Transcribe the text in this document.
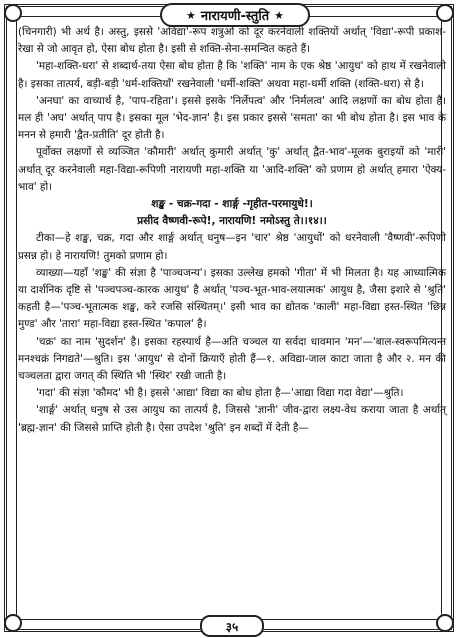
★ नारायणी-स्तुति ★

(चिनगारी) भी अर्थ है। अस्तु, इससे 'अविद्या'-रूप शत्रुओं को दूर करनेवाली शक्तियों अर्थात् 'विद्या'-रूपी प्रकाश-रेखा से जो आवृत हो, ऐसा बोध होता है। इसी से शक्ति-सेना-समन्वित कहते हैं।

'महा-शक्ति-धरा' से शब्दार्थ-तया ऐसा बोध होता है कि 'शक्ति' नाम के एक श्रेष्ठ 'आयुध' को हाथ में रखनेवाली है। इसका तात्पर्य, बड़ी-बड़ी 'धर्म-शक्तियाँ' रखनेवाली 'धर्मी-शक्ति' अथवा महा-धर्मी शक्ति (शक्ति-धरा) से है।

'अनघा' का वाच्यार्थ है, 'पाप-रहिता'। इससे इसके 'निर्लेपत्व' और 'निर्मलत्व' आदि लक्षणों का बोध होता है। मल ही 'अघ' अर्थात् पाप है। इसका मूल 'भेद-ज्ञान' है। इस प्रकार इससे 'समता' का भी बोध होता है। इस भाव के मनन से हमारी 'द्वैत-प्रतीति' दूर होती है।

पूर्वोक्त लक्षणों से व्यञ्जित 'कौमारी' अर्थात् कुमारी अर्थात् 'कु' अर्थात् द्वैत-भाव'-मूलक बुराइयों को 'मारी' अर्थात् दूर करनेवाली महा-विद्या-रूपिणी नारायणी महा-शक्ति या 'आदि-शक्ति' को प्रणाम हो अर्थात् हमारा 'ऐक्य-भाव' हो।

शङ्ख - चक्र-गदा - शार्ङ्ग -गृहीत-परमायुधे!।

प्रसीद वैष्णवी-रूपे!, नारायणि! नमोऽस्तु ते।।१४।।

टीका—हे शङ्ख, चक्र, गदा और शार्ङ्ग अर्थात् धनुष—इन 'चार' श्रेष्ठ 'आयुधों' को धरनेवाली 'वैष्णवी'-रूपिणी प्रसन्न हो। हे नारायणि! तुमको प्रणाम हो।

व्याख्या—यहाँ 'शङ्ख' की संज्ञा है 'पाञ्चजन्य'। इसका उल्लेख हमको 'गीता' में भी मिलता है। यह आध्यात्मिक या दार्शनिक दृष्टि से 'पञ्चपञ्च-कारक आयुध' है अर्थात् 'पञ्च-भूत-भाव-लयात्मक' आयुध है, जैसा इशारे से 'श्रुति' कहती है—'पञ्च-भूतात्मक शङ्ख, करे रजसि संस्थितम्।' इसी भाव का द्योतक 'काली' महा-विद्या हस्त-स्थित 'छिन्न मुण्ड' और 'तारा' महा-विद्या हस्त-स्थित 'कपाल' है।

'चक्र' का नाम 'सुदर्शन' है। इसका रहस्यार्थ है—अति चञ्चल या सर्वदा धावमान 'मन'—'बाल-स्वरूपमित्यन्त मनश्चक्रं निगद्यते'—श्रुति। इस 'आयुध' से दोनों क्रियाएँ होती हैं—१. अविद्या-जाल काटा जाता है और २. मन की चञ्चलता द्वारा जगत् की स्थिति भी 'स्थिर' रखी जाती है।

'गदा' की संज्ञा 'कौमद' भी है। इससे 'आद्या' विद्या का बोध होता है—'आद्या विद्या गदा वेद्या'—श्रुति।

'शार्ङ्ग' अर्थात् धनुष से उस आयुध का तात्पर्य है, जिससे 'ज्ञानी' जीव-द्वारा लक्ष्य-वेध कराया जाता है अर्थात् 'ब्रह्म-ज्ञान' की जिससे प्राप्ति होती है। ऐसा उपदेश 'श्रुति' इन शब्दों में देती है—

३५
